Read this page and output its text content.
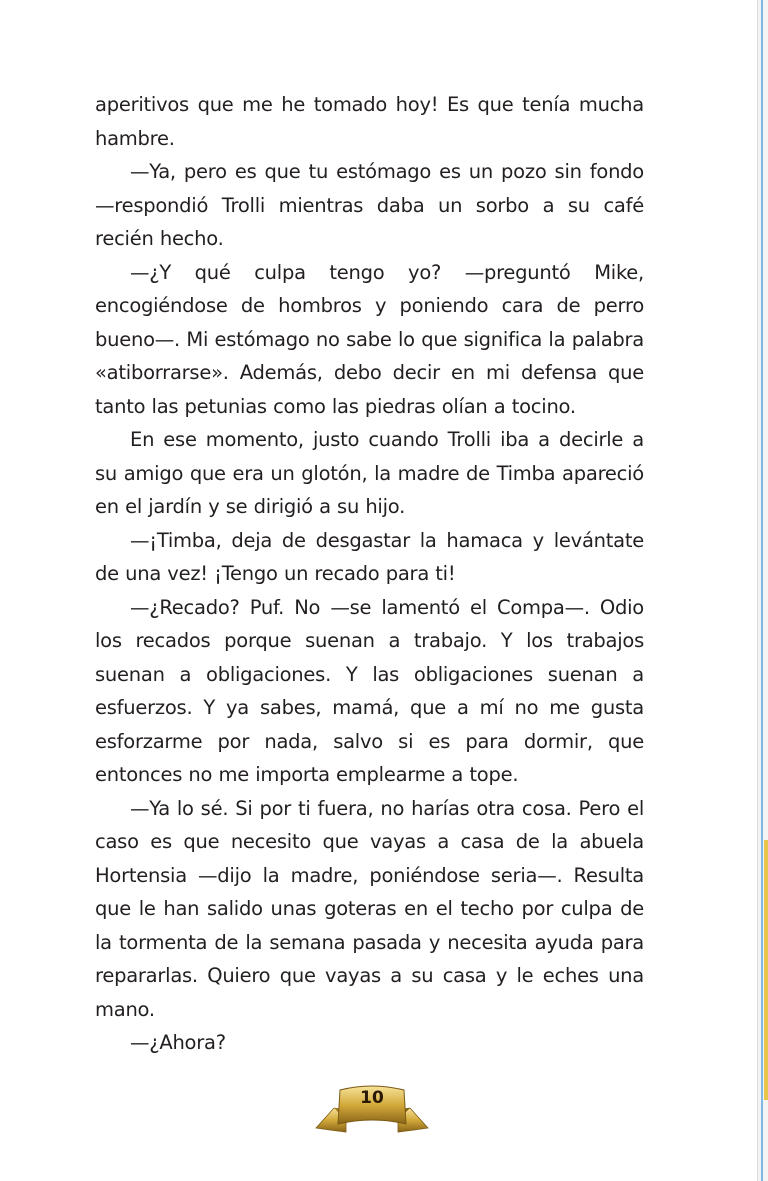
aperitivos que me he tomado hoy! Es que tenía mucha hambre.

—Ya, pero es que tu estómago es un pozo sin fondo —respondió Trolli mientras daba un sorbo a su café recién hecho.

—¿Y qué culpa tengo yo? —preguntó Mike, encogiéndose de hombros y poniendo cara de perro bueno—. Mi estómago no sabe lo que significa la palabra «atiborrarse». Además, debo decir en mi defensa que tanto las petunias como las piedras olían a tocino.

En ese momento, justo cuando Trolli iba a decirle a su amigo que era un glotón, la madre de Timba apareció en el jardín y se dirigió a su hijo.

—¡Timba, deja de desgastar la hamaca y levántate de una vez! ¡Tengo un recado para ti!

—¿Recado? Puf. No —se lamentó el Compa—. Odio los recados porque suenan a trabajo. Y los trabajos suenan a obligaciones. Y las obligaciones suenan a esfuerzos. Y ya sabes, mamá, que a mí no me gusta esforzarme por nada, salvo si es para dormir, que entonces no me importa emplearme a tope.

—Ya lo sé. Si por ti fuera, no harías otra cosa. Pero el caso es que necesito que vayas a casa de la abuela Hortensia —dijo la madre, poniéndose seria—. Resulta que le han salido unas goteras en el techo por culpa de la tormenta de la semana pasada y necesita ayuda para repararlas. Quiero que vayas a su casa y le eches una mano.

—¿Ahora?

10
